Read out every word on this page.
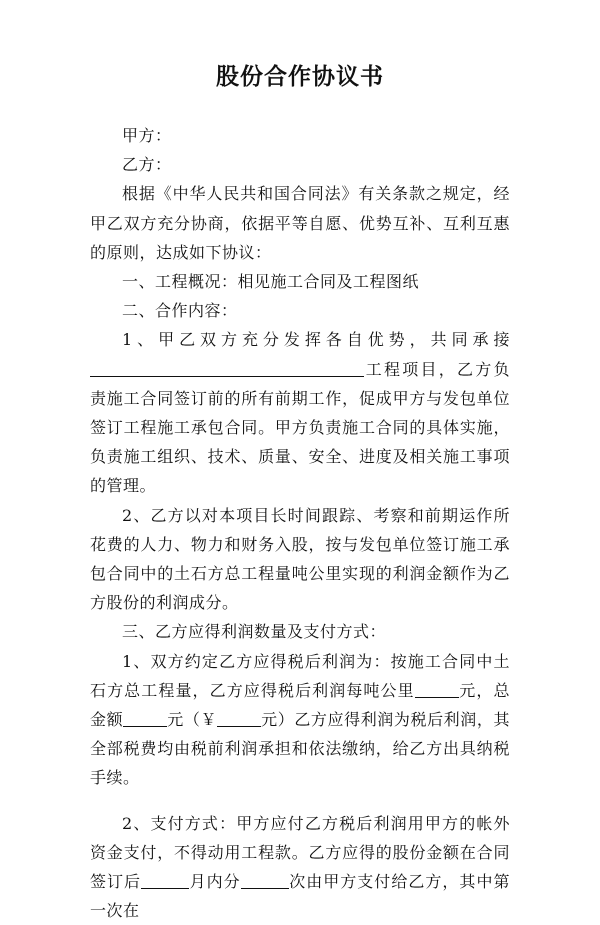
股份合作协议书

甲方：

乙方：

根据《中华人民共和国合同法》有关条款之规定，经甲乙双方充分协商，依据平等自愿、优势互补、互利互惠的原则，达成如下协议：

一、工程概况：相见施工合同及工程图纸

二、合作内容：

1、甲乙双方充分发挥各自优势，共同承接工程项目，乙方负责施工合同签订前的所有前期工作，促成甲方与发包单位签订工程施工承包合同。甲方负责施工合同的具体实施，负责施工组织、技术、质量、安全、进度及相关施工事项的管理。

2、乙方以对本项目长时间跟踪、考察和前期运作所花费的人力、物力和财务入股，按与发包单位签订施工承包合同中的土石方总工程量吨公里实现的利润金额作为乙方股份的利润成分。

三、乙方应得利润数量及支付方式：

1、双方约定乙方应得税后利润为：按施工合同中土石方总工程量，乙方应得税后利润每吨公里	元，总金额	元（￥	元）乙方应得利润为税后利润，其全部税费均由税前利润承担和依法缴纳，给乙方出具纳税手续。

2、支付方式：甲方应付乙方税后利润用甲方的帐外资金支付，不得动用工程款。乙方应得的股份金额在合同签订后	月内分	次由甲方支付给乙方，其中第一次在
